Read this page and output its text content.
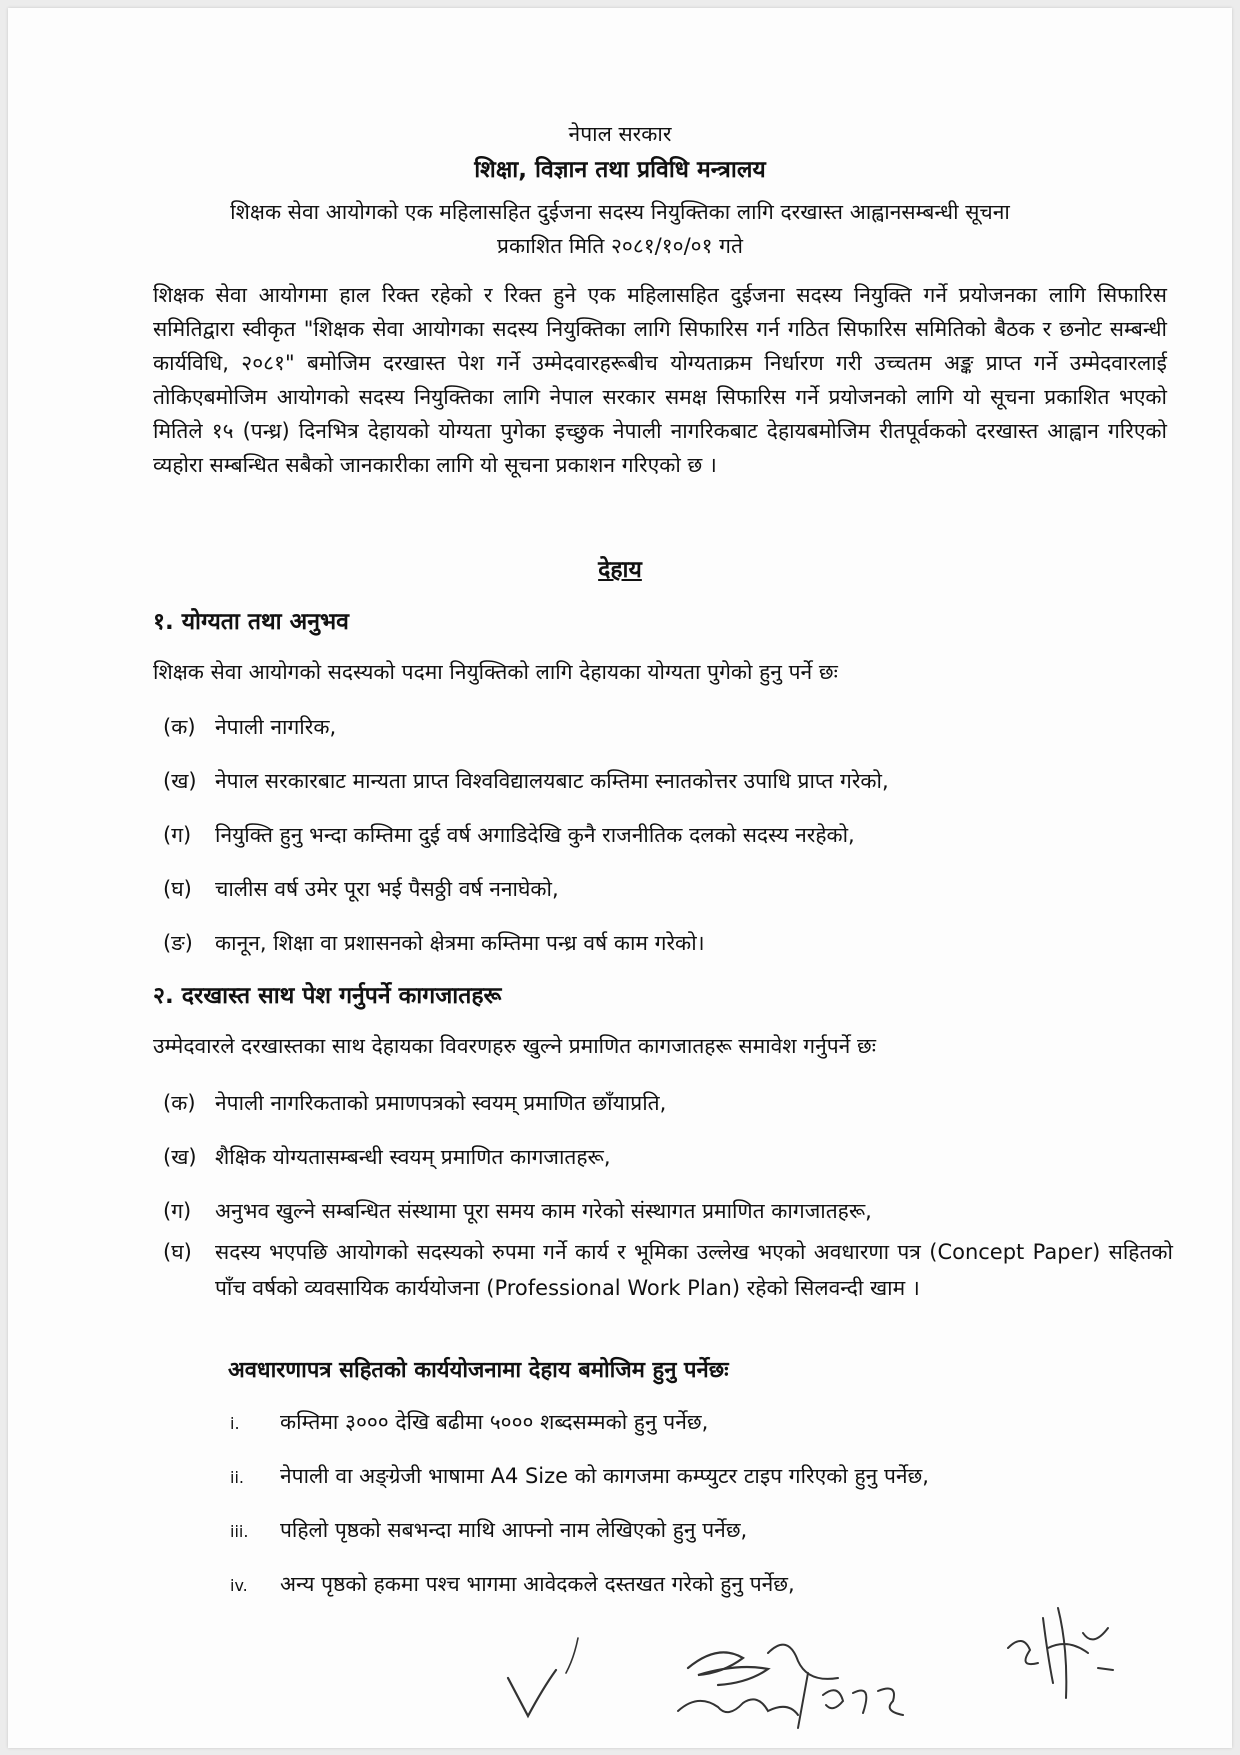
नेपाल सरकार
शिक्षा, विज्ञान तथा प्रविधि मन्त्रालय
शिक्षक सेवा आयोगको एक महिलासहित दुईजना सदस्य नियुक्तिका लागि दरखास्त आह्वानसम्बन्धी सूचना
प्रकाशित मिति २०८१/१०/०१ गते
शिक्षक सेवा आयोगमा हाल रिक्त रहेको र रिक्त हुने एक महिलासहित दुईजना सदस्य नियुक्ति गर्ने प्रयोजनका लागि सिफारिस समितिद्वारा स्वीकृत "शिक्षक सेवा आयोगका सदस्य नियुक्तिका लागि सिफारिस गर्न गठित सिफारिस समितिको बैठक र छनोट सम्बन्धी कार्यविधि, २०८१" बमोजिम दरखास्त पेश गर्ने उम्मेदवारहरूबीच योग्यताक्रम निर्धारण गरी उच्चतम अङ्क प्राप्त गर्ने उम्मेदवारलाई तोकिएबमोजिम आयोगको सदस्य नियुक्तिका लागि नेपाल सरकार समक्ष सिफारिस गर्ने प्रयोजनको लागि यो सूचना प्रकाशित भएको मितिले १५ (पन्ध्र) दिनभित्र देहायको योग्यता पुगेका इच्छुक नेपाली नागरिकबाट देहायबमोजिम रीतपूर्वकको दरखास्त आह्वान गरिएको व्यहोरा सम्बन्धित सबैको जानकारीका लागि यो सूचना प्रकाशन गरिएको छ ।
देहाय
१. योग्यता तथा अनुभव
शिक्षक सेवा आयोगको सदस्यको पदमा नियुक्तिको लागि देहायका योग्यता पुगेको हुनु पर्ने छः
(क) नेपाली नागरिक,
(ख) नेपाल सरकारबाट मान्यता प्राप्त विश्वविद्यालयबाट कम्तिमा स्नातकोत्तर उपाधि प्राप्त गरेको,
(ग)	नियुक्ति हुनु भन्दा कम्तिमा दुई वर्ष अगाडिदेखि कुनै राजनीतिक दलको सदस्य नरहेको,
(घ)	चालीस वर्ष उमेर पूरा भई पैसठ्ठी वर्ष ननाघेको,
(ङ)	कानून, शिक्षा वा प्रशासनको क्षेत्रमा कम्तिमा पन्ध्र वर्ष काम गरेको।
२. दरखास्त साथ पेश गर्नुपर्ने कागजातहरू
उम्मेदवारले दरखास्तका साथ देहायका विवरणहरु खुल्ने प्रमाणित कागजातहरू समावेश गर्नुपर्ने छः
(क) नेपाली नागरिकताको प्रमाणपत्रको स्वयम् प्रमाणित छाँयाप्रति,
(ख) शैक्षिक योग्यतासम्बन्धी स्वयम् प्रमाणित कागजातहरू,
(ग)	अनुभव खुल्ने सम्बन्धित संस्थामा पूरा समय काम गरेको संस्थागत प्रमाणित कागजातहरू,
(घ)	सदस्य भएपछि आयोगको सदस्यको रुपमा गर्ने कार्य र भूमिका उल्लेख भएको अवधारणा पत्र (Concept Paper) सहितको पाँच वर्षको व्यवसायिक कार्ययोजना (Professional Work Plan) रहेको सिलवन्दी खाम ।
अवधारणापत्र सहितको कार्ययोजनामा देहाय बमोजिम हुनु पर्नेछः
i.	कम्तिमा ३००० देखि बढीमा ५००० शब्दसम्मको हुनु पर्नेछ,
ii.	नेपाली वा अङ्ग्रेजी भाषामा A4 Size को कागजमा कम्प्युटर टाइप गरिएको हुनु पर्नेछ,
iii.	पहिलो पृष्ठको सबभन्दा माथि आफ्नो नाम लेखिएको हुनु पर्नेछ,
iv.	अन्य पृष्ठको हकमा पश्च भागमा आवेदकले दस्तखत गरेको हुनु पर्नेछ,
